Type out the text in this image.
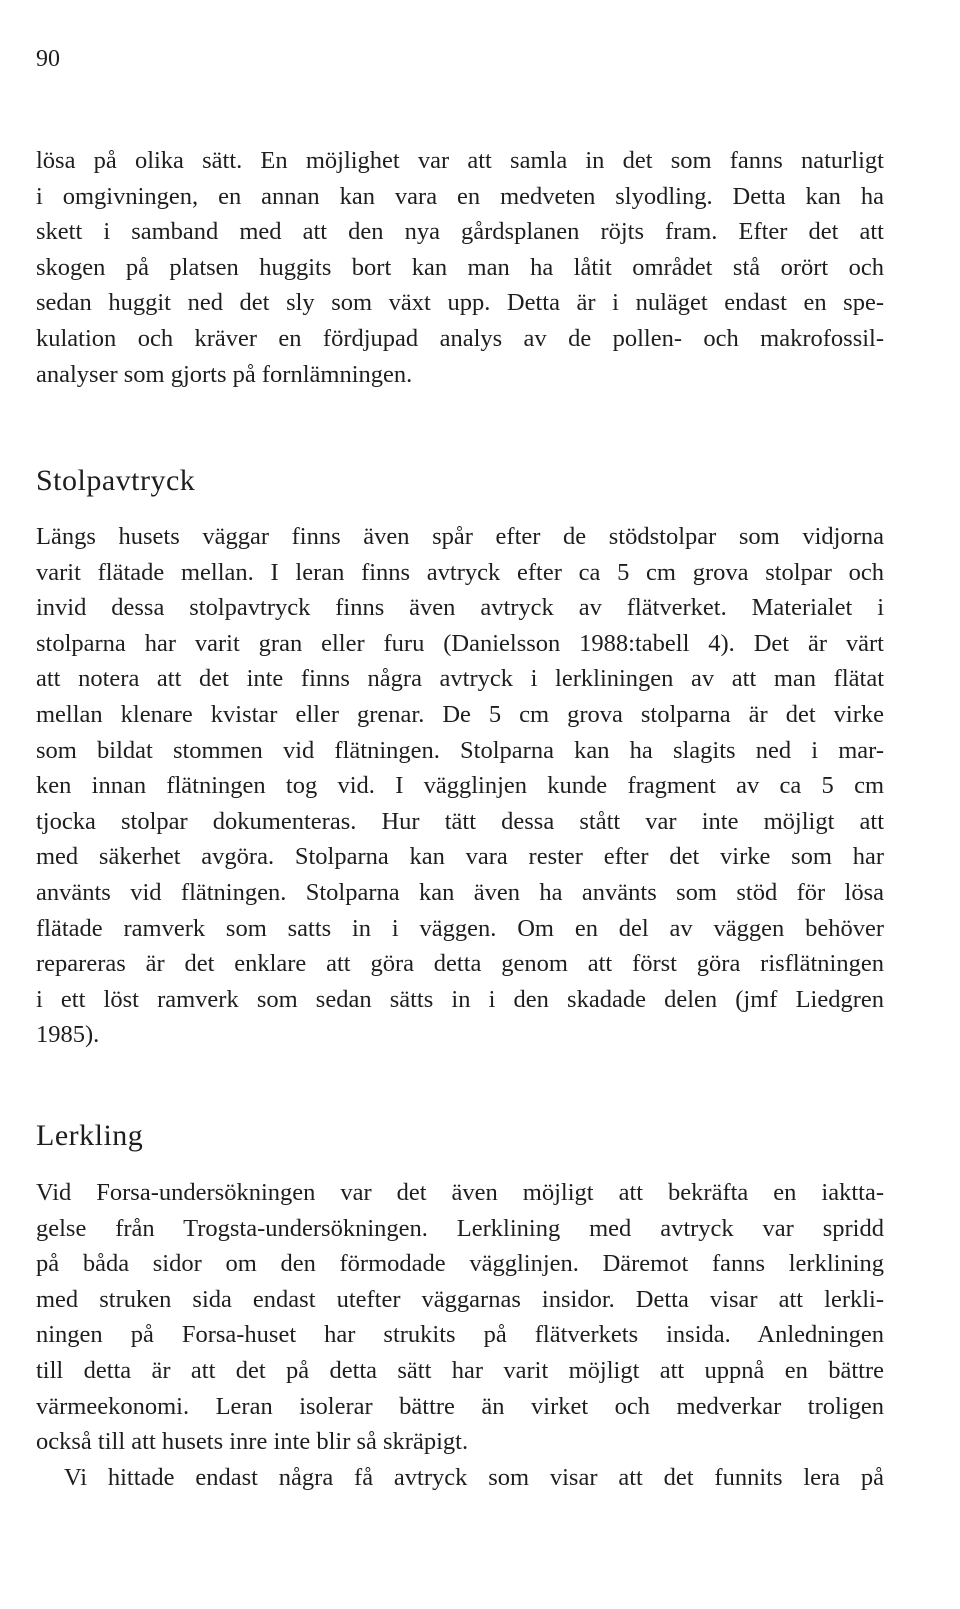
90
lösa på olika sätt. En möjlighet var att samla in det som fanns naturligt
i omgivningen, en annan kan vara en medveten slyodling. Detta kan ha
skett i samband med att den nya gårdsplanen röjts fram. Efter det att
skogen på platsen huggits bort kan man ha låtit området stå orört och
sedan huggit ned det sly som växt upp. Detta är i nuläget endast en spe-
kulation och kräver en fördjupad analys av de pollen- och makrofossil-
analyser som gjorts på fornlämningen.
Stolpavtryck
Längs husets väggar finns även spår efter de stödstolpar som vidjorna
varit flätade mellan. I leran finns avtryck efter ca 5 cm grova stolpar och
invid dessa stolpavtryck finns även avtryck av flätverket. Materialet i
stolparna har varit gran eller furu (Danielsson 1988:tabell 4). Det är värt
att notera att det inte finns några avtryck i lerkliningen av att man flätat
mellan klenare kvistar eller grenar. De 5 cm grova stolparna är det virke
som bildat stommen vid flätningen. Stolparna kan ha slagits ned i mar-
ken innan flätningen tog vid. I vägglinjen kunde fragment av ca 5 cm
tjocka stolpar dokumenteras. Hur tätt dessa stått var inte möjligt att
med säkerhet avgöra. Stolparna kan vara rester efter det virke som har
använts vid flätningen. Stolparna kan även ha använts som stöd för lösa
flätade ramverk som satts in i väggen. Om en del av väggen behöver
repareras är det enklare att göra detta genom att först göra risflätningen
i ett löst ramverk som sedan sätts in i den skadade delen (jmf Liedgren
1985).
Lerkling
Vid Forsa-undersökningen var det även möjligt att bekräfta en iaktta-
gelse från Trogsta-undersökningen. Lerklining med avtryck var spridd
på båda sidor om den förmodade vägglinjen. Däremot fanns lerklining
med struken sida endast utefter väggarnas insidor. Detta visar att lerkli-
ningen på Forsa-huset har strukits på flätverkets insida. Anledningen
till detta är att det på detta sätt har varit möjligt att uppnå en bättre
värmeekonomi. Leran isolerar bättre än virket och medverkar troligen
också till att husets inre inte blir så skräpigt.
Vi hittade endast några få avtryck som visar att det funnits lera på
